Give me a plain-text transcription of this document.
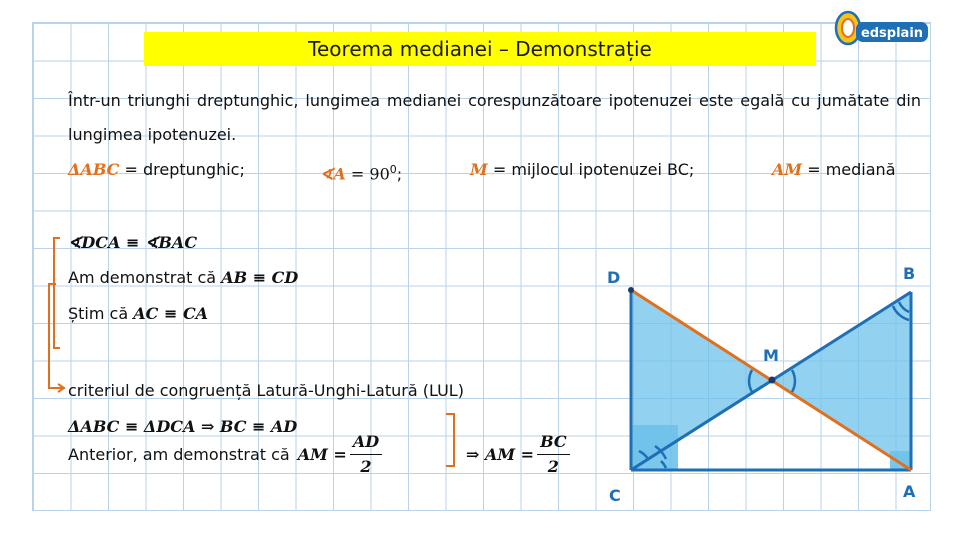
Teorema medianei – Demonstrație
edsplain
Într-un triunghi dreptunghic, lungimea medianei corespunzătoare ipotenuzei este egală cu jumătate din lungimea ipotenuzei.
ΔABC = dreptunghic;	∢A = $90^0$;	M = mijlocul ipotenuzei BC;	AM = mediană
∢DCA ≡ ∢BAC
Am demonstrat că AB ≡ CD
Știm că AC ≡ CA
criteriul de congruență Latură-Unghi-Latură (LUL)
ΔABC ≡ ΔDCA ⇒ BC ≡ AD
Anterior, am demonstrat că AM = $\frac{AD}{2}$	⇒ AM = $\frac{BC}{2}$
D	B
M
C	A
